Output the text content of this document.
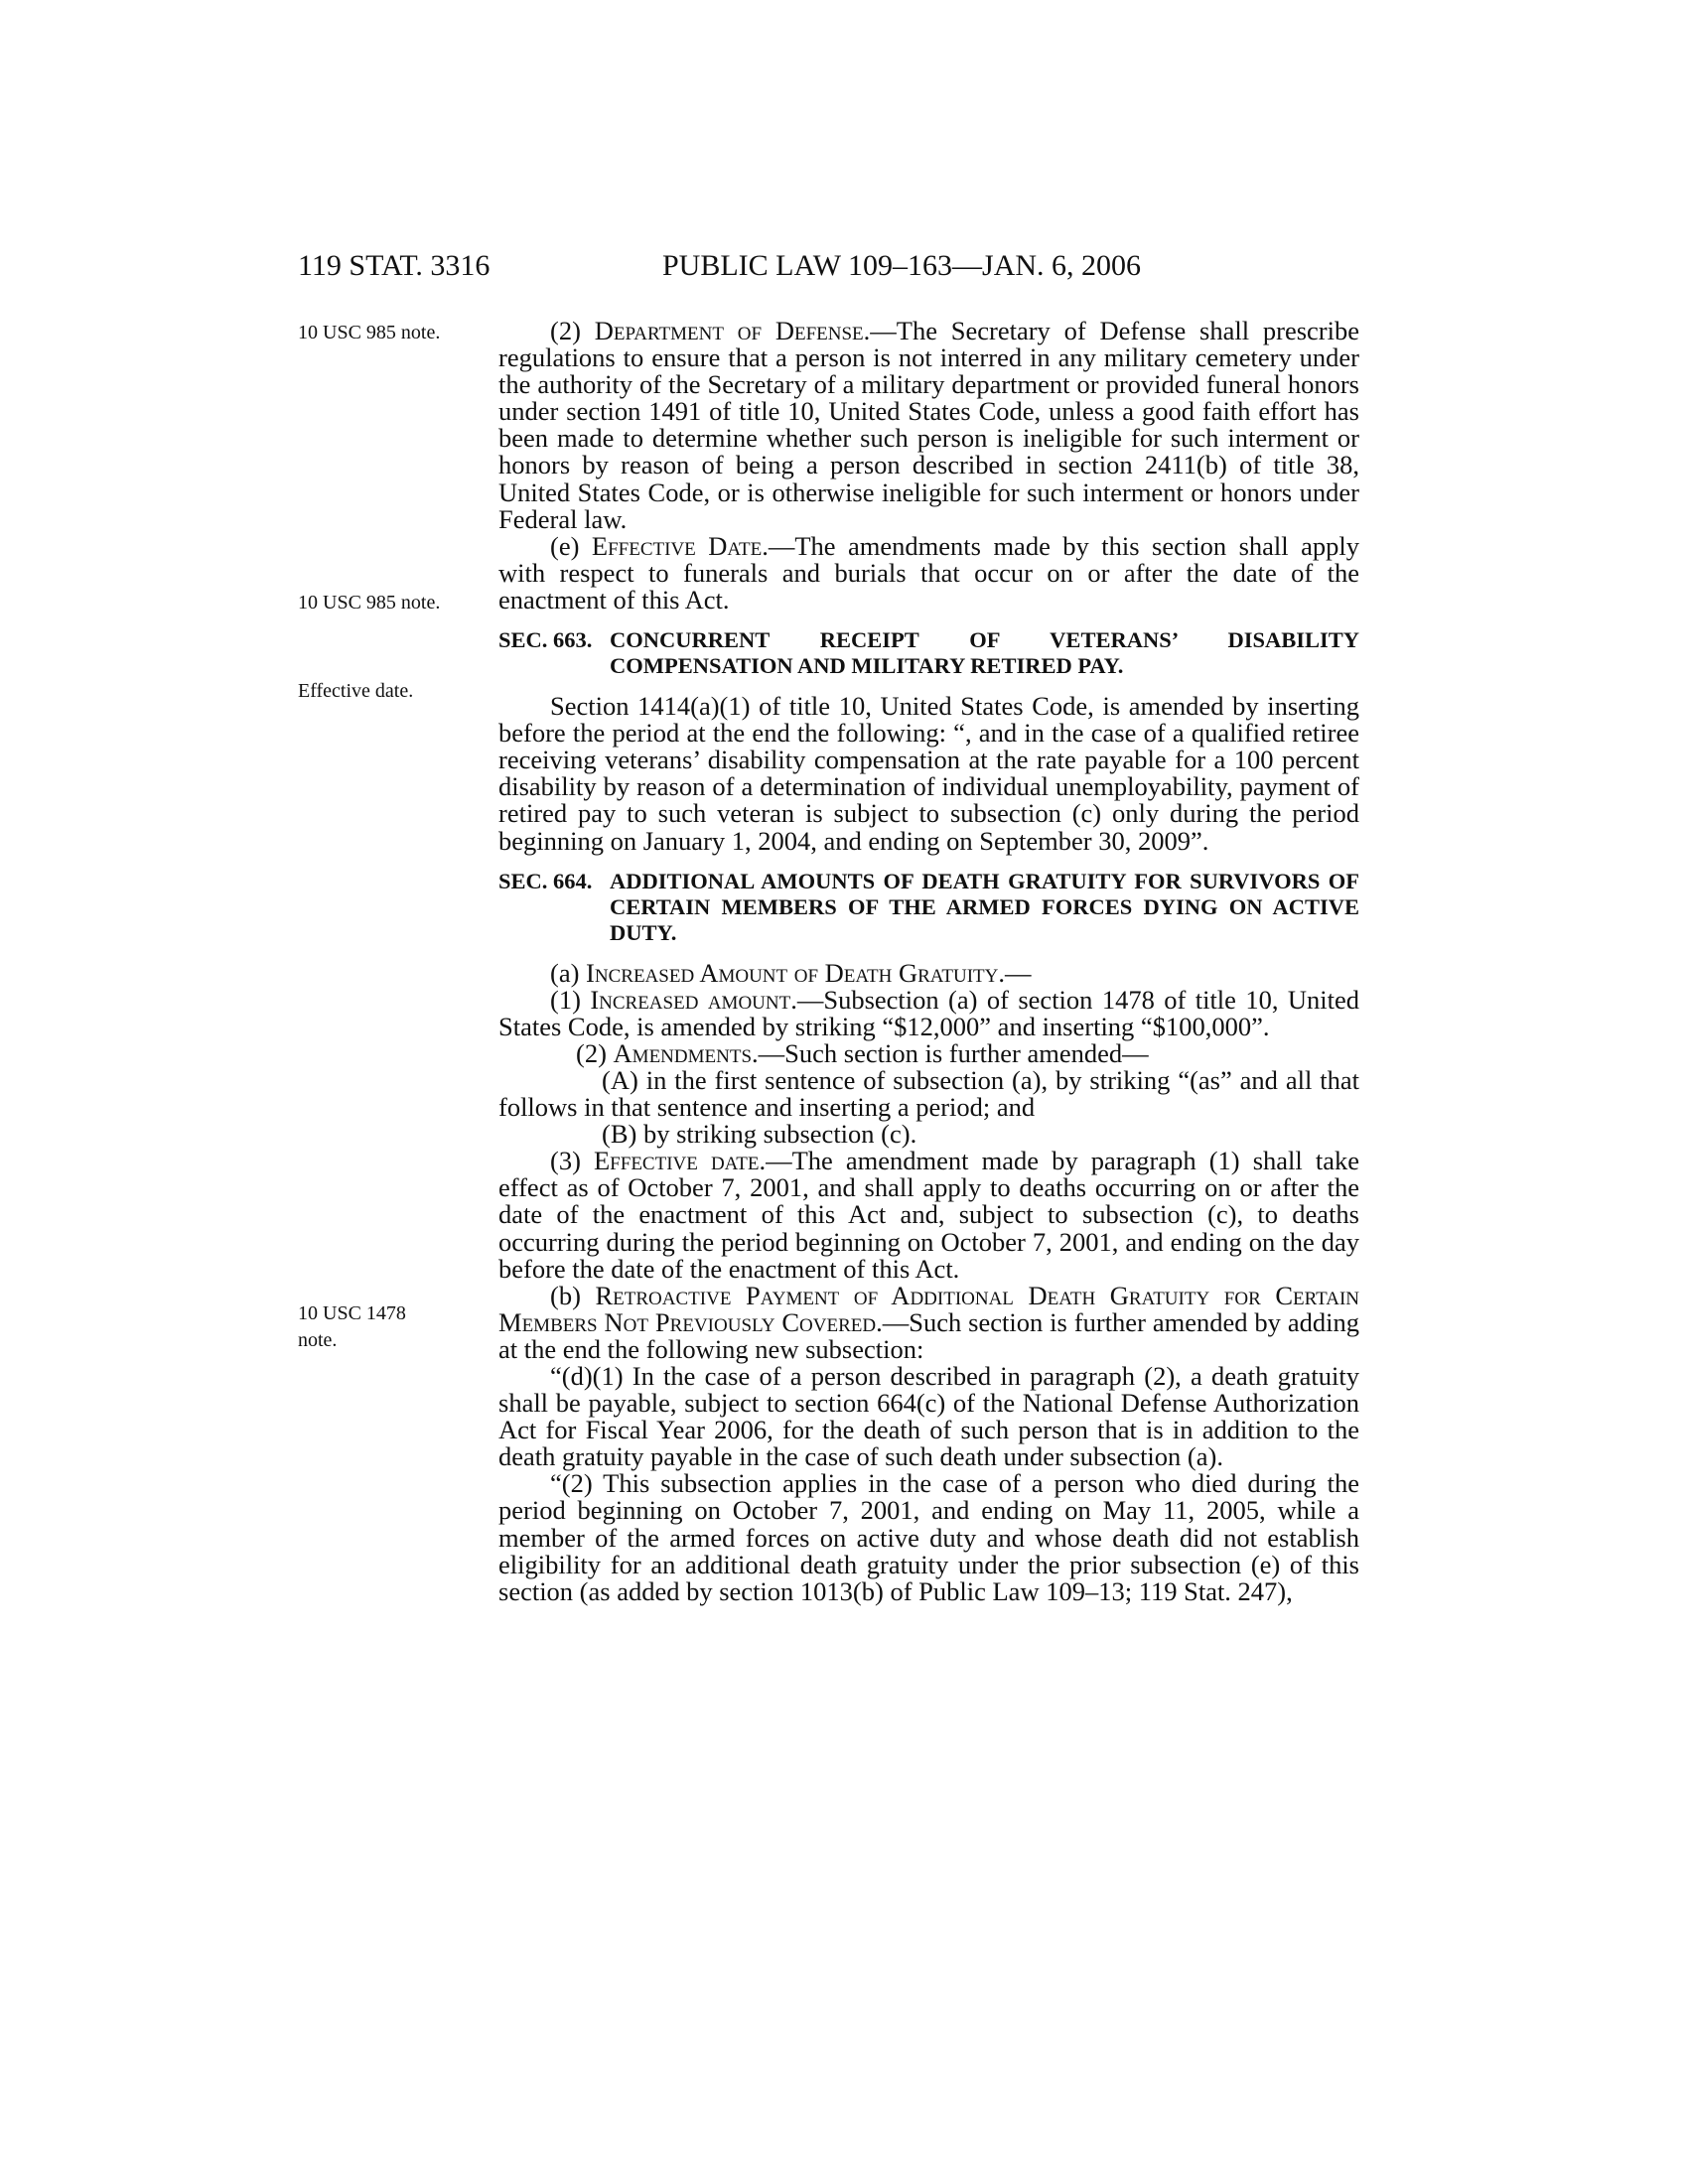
119 STAT. 3316	PUBLIC LAW 109–163—JAN. 6, 2006
10 USC 985 note.
10 USC 985 note.
Effective date.
10 USC 1478
note.

(2) Department of Defense.—The Secretary of Defense shall prescribe regulations to ensure that a person is not interred in any military cemetery under the authority of the Secretary of a military department or provided funeral honors under section 1491 of title 10, United States Code, unless a good faith effort has been made to determine whether such person is ineligible for such interment or honors by reason of being a person described in section 2411(b) of title 38, United States Code, or is otherwise ineligible for such interment or honors under Federal law.

(e) Effective Date.—The amendments made by this section shall apply with respect to funerals and burials that occur on or after the date of the enactment of this Act.

SEC. 663. CONCURRENT RECEIPT OF VETERANS’ DISABILITY COMPENSATION AND MILITARY RETIRED PAY.

Section 1414(a)(1) of title 10, United States Code, is amended by inserting before the period at the end the following: “, and in the case of a qualified retiree receiving veterans’ disability compensation at the rate payable for a 100 percent disability by reason of a determination of individual unemployability, payment of retired pay to such veteran is subject to subsection (c) only during the period beginning on January 1, 2004, and ending on September 30, 2009”.

SEC. 664. ADDITIONAL AMOUNTS OF DEATH GRATUITY FOR SURVIVORS OF CERTAIN MEMBERS OF THE ARMED FORCES DYING ON ACTIVE DUTY.

(a) Increased Amount of Death Gratuity.—

(1) Increased amount.—Subsection (a) of section 1478 of title 10, United States Code, is amended by striking “$12,000” and inserting “$100,000”.

(2) Amendments.—Such section is further amended—

(A) in the first sentence of subsection (a), by striking “(as” and all that follows in that sentence and inserting a period; and

(B) by striking subsection (c).

(3) Effective date.—The amendment made by paragraph (1) shall take effect as of October 7, 2001, and shall apply to deaths occurring on or after the date of the enactment of this Act and, subject to subsection (c), to deaths occurring during the period beginning on October 7, 2001, and ending on the day before the date of the enactment of this Act.

(b) Retroactive Payment of Additional Death Gratuity for Certain Members Not Previously Covered.—Such section is further amended by adding at the end the following new subsection:

“(d)(1) In the case of a person described in paragraph (2), a death gratuity shall be payable, subject to section 664(c) of the National Defense Authorization Act for Fiscal Year 2006, for the death of such person that is in addition to the death gratuity payable in the case of such death under subsection (a).

“(2) This subsection applies in the case of a person who died during the period beginning on October 7, 2001, and ending on May 11, 2005, while a member of the armed forces on active duty and whose death did not establish eligibility for an additional death gratuity under the prior subsection (e) of this section (as added by section 1013(b) of Public Law 109–13; 119 Stat. 247),
